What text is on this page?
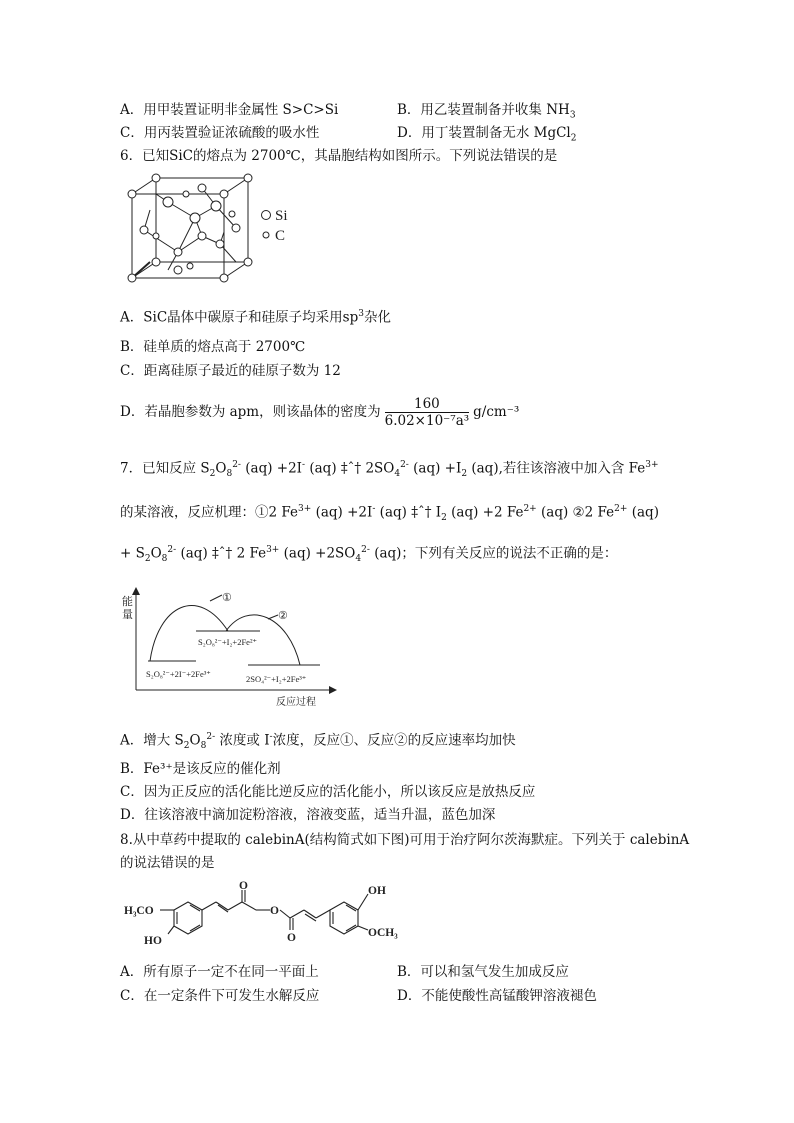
A．用甲装置证明非金属性 S>C>Si	B．用乙装置制备并收集 $NH_3$
C．用丙装置验证浓硫酸的吸水性	D．用丁装置制备无水 MgCl$_2$
6．已知SiC的熔点为 2700℃，其晶胞结构如图所示。下列说法错误的是
Si
C
A．SiC晶体中碳原子和硅原子均采用$sp^3$杂化
B．硅单质的熔点高于 2700℃
C．距离硅原子最近的硅原子数为 12
D．若晶胞参数为 apm，则该晶体的密度为 $\frac{160}{\text{6.02×10⁻⁷a³}} g/cm^{-3}$
7．已知反应 $S_2O_8^{2-}$ (aq) +2I- (aq) ‡ˆ† $2SO_4^{2-}$ $(aq) +I_2$ (aq),若往该溶液中加入含 $Fe^{3+}$
的某溶液，反应机理：①2 $Fe^{3+}$ (aq) +2I- (aq) ‡ˆ† $I_2$ (aq) +2 $Fe^{2+}$ (aq) ②2 $Fe^{2+}$ (aq)
+ $S_2O_8^{2-}$ (aq) ‡ˆ† 2 $Fe^{3+}$ $(aq) +2SO_4^{2-}$ (aq)；下列有关反应的说法不正确的是：
能
量
①
②
S₂O₈²⁻+I₂+2Fe²⁺
S₂O₈²⁻+2I⁻+2Fe³⁺	2SO₄²⁻+I₂+2Fe³⁺
反应过程
A．增大 $S_2O_8^{2-}$ 浓度或 I-浓度，反应①、反应②的反应速率均加快
B．Fe³⁺是该反应的催化剂
C．因为正反应的活化能比逆反应的活化能小，所以该反应是放热反应
D．往该溶液中滴加淀粉溶液，溶液变蓝，适当升温，蓝色加深
8.从中草药中提取的 calebinA(结构简式如下图)可用于治疗阿尔茨海默症。下列关于 calebinA
的说法错误的是
H₃CO
HO
O
O
O
OH
OCH₃
A．所有原子一定不在同一平面上	B．可以和氢气发生加成反应
C．在一定条件下可发生水解反应	D．不能使酸性高锰酸钾溶液褪色
